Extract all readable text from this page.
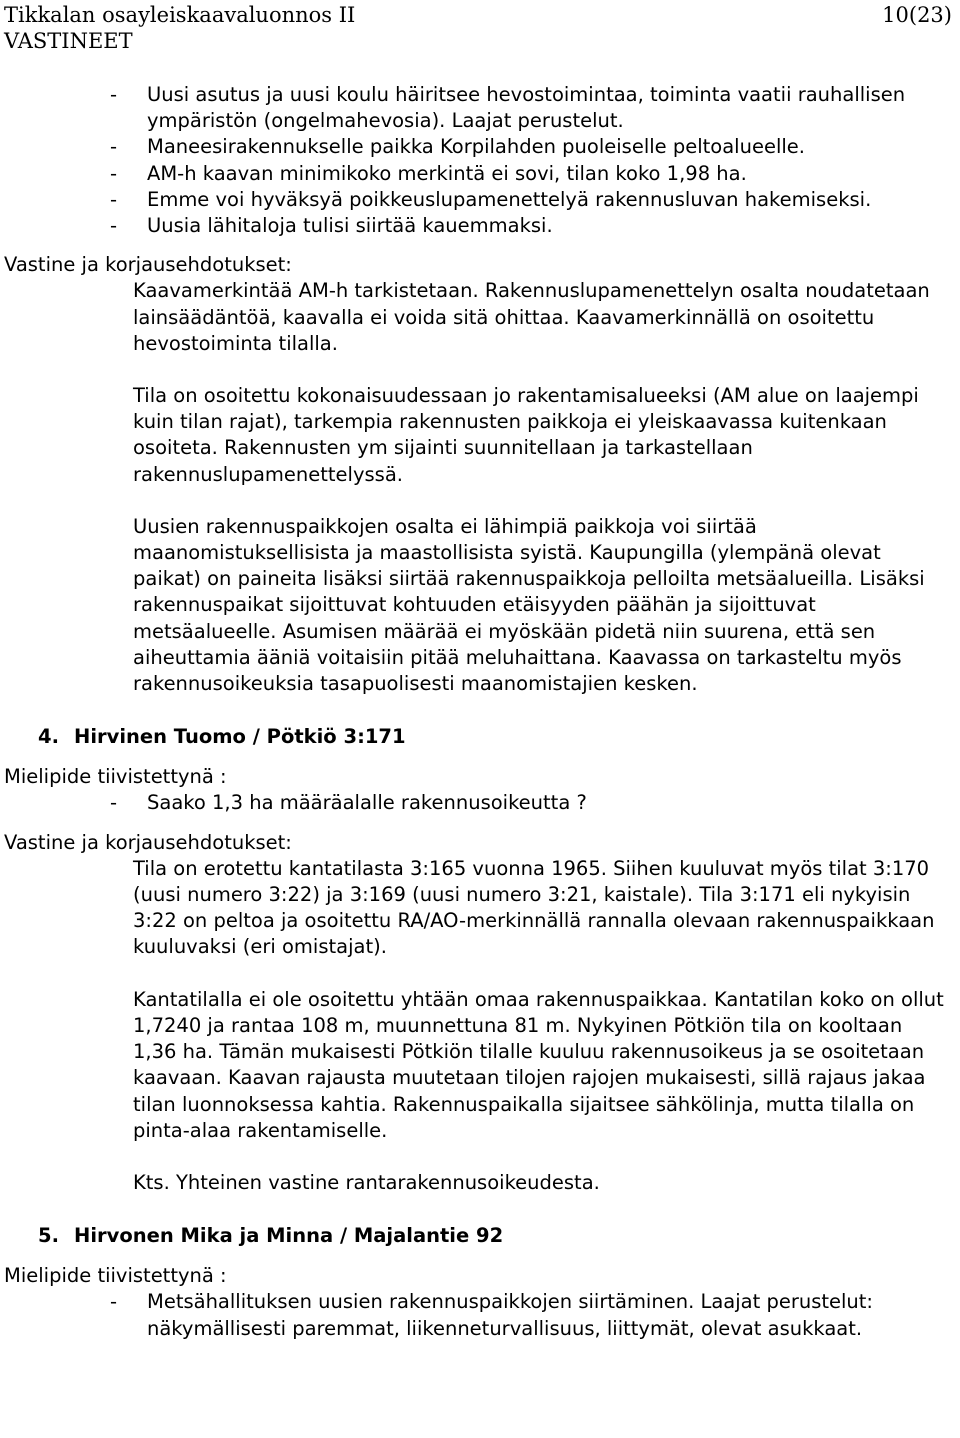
Tikkalan osayleiskaavaluonnos II	10(23)
VASTINEET
- Uusi asutus ja uusi koulu häiritsee hevostoimintaa, toiminta vaatii rauhallisen ympäristön (ongelmahevosia). Laajat perustelut.
- Maneesirakennukselle paikka Korpilahden puoleiselle peltoalueelle.
- AM-h kaavan minimikoko merkintä ei sovi, tilan koko 1,98 ha.
- Emme voi hyväksyä poikkeuslupamenettelyä rakennusluvan hakemiseksi.
- Uusia lähitaloja tulisi siirtää kauemmaksi.

Vastine ja korjausehdotukset:

Kaavamerkintää AM-h tarkistetaan. Rakennuslupamenettelyn osalta noudatetaan lainsäädäntöä, kaavalla ei voida sitä ohittaa. Kaavamerkinnällä on osoitettu hevostoiminta tilalla.

Tila on osoitettu kokonaisuudessaan jo rakentamisalueeksi (AM alue on laajempi kuin tilan rajat), tarkempia rakennusten paikkoja ei yleiskaavassa kuitenkaan osoiteta. Rakennusten ym sijainti suunnitellaan ja tarkastellaan rakennuslupamenettelyssä.

Uusien rakennuspaikkojen osalta ei lähimpiä paikkoja voi siirtää maanomistuksellisista ja maastollisista syistä. Kaupungilla (ylempänä olevat paikat) on paineita lisäksi siirtää rakennuspaikkoja pelloilta metsäalueilla. Lisäksi rakennuspaikat sijoittuvat kohtuuden etäisyyden päähän ja sijoittuvat metsäalueelle. Asumisen määrää ei myöskään pidetä niin suurena, että sen aiheuttamia ääniä voitaisiin pitää meluhaittana. Kaavassa on tarkasteltu myös rakennusoikeuksia tasapuolisesti maanomistajien kesken.

4. Hirvinen Tuomo / Pötkiö 3:171

Mielipide tiivistettynä :

- Saako 1,3 ha määräalalle rakennusoikeutta ?

Vastine ja korjausehdotukset:

Tila on erotettu kantatilasta 3:165 vuonna 1965. Siihen kuuluvat myös tilat 3:170 (uusi numero 3:22) ja 3:169 (uusi numero 3:21, kaistale). Tila 3:171 eli nykyisin 3:22 on peltoa ja osoitettu RA/AO-merkinnällä rannalla olevaan rakennuspaikkaan kuuluvaksi (eri omistajat).

Kantatilalla ei ole osoitettu yhtään omaa rakennuspaikkaa. Kantatilan koko on ollut 1,7240 ja rantaa 108 m, muunnettuna 81 m. Nykyinen Pötkiön tila on kooltaan 1,36 ha. Tämän mukaisesti Pötkiön tilalle kuuluu rakennusoikeus ja se osoitetaan kaavaan. Kaavan rajausta muutetaan tilojen rajojen mukaisesti, sillä rajaus jakaa tilan luonnoksessa kahtia. Rakennuspaikalla sijaitsee sähkölinja, mutta tilalla on pinta-alaa rakentamiselle.

Kts. Yhteinen vastine rantarakennusoikeudesta.

5. Hirvonen Mika ja Minna / Majalantie 92

Mielipide tiivistettynä :

- Metsähallituksen uusien rakennuspaikkojen siirtäminen. Laajat perustelut: näkymällisesti paremmat, liikenneturvallisuus, liittymät, olevat asukkaat.
